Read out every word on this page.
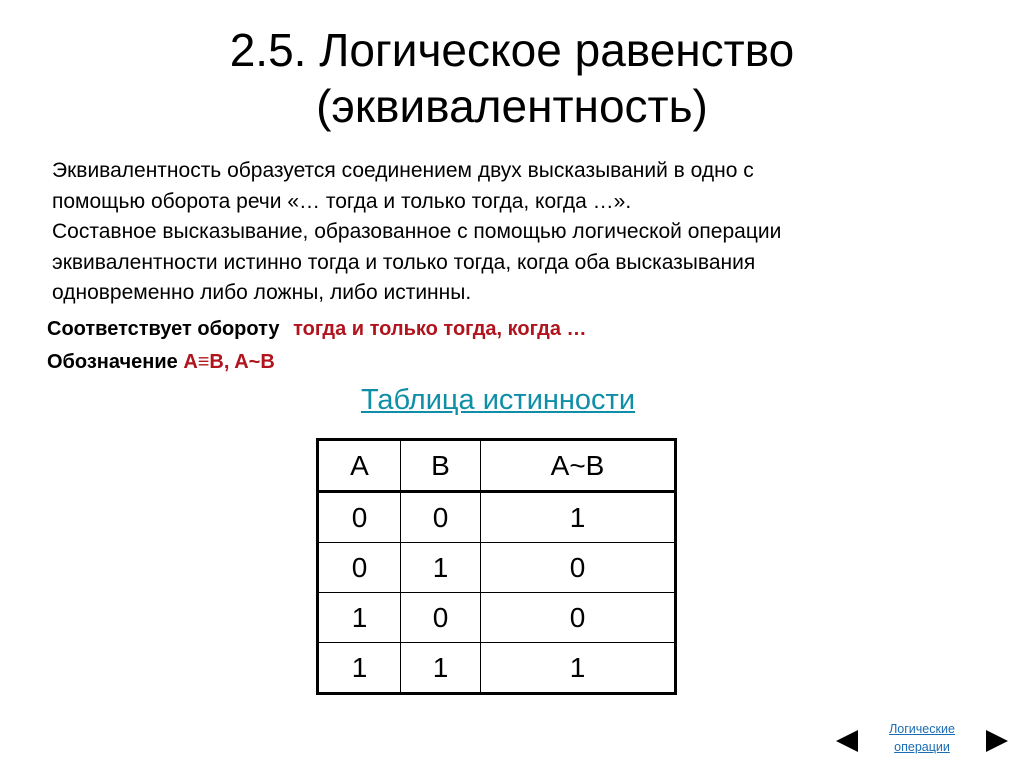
2.5. Логическое равенство
(эквивалентность)
Эквивалентность образуется соединением двух высказываний в одно с
помощью оборота речи «… тогда и только тогда, когда …».
Составное высказывание, образованное с помощью логической операции
эквивалентности истинно тогда и только тогда, когда оба высказывания
одновременно либо ложны, либо истинны.
Соответствует обороту тогда и только тогда, когда …
Обозначение A≡B, A~B
Таблица истинности
A	B	A~B
0	0	1
0	1	0
1	0	0
1	1	1
Логические
операции
